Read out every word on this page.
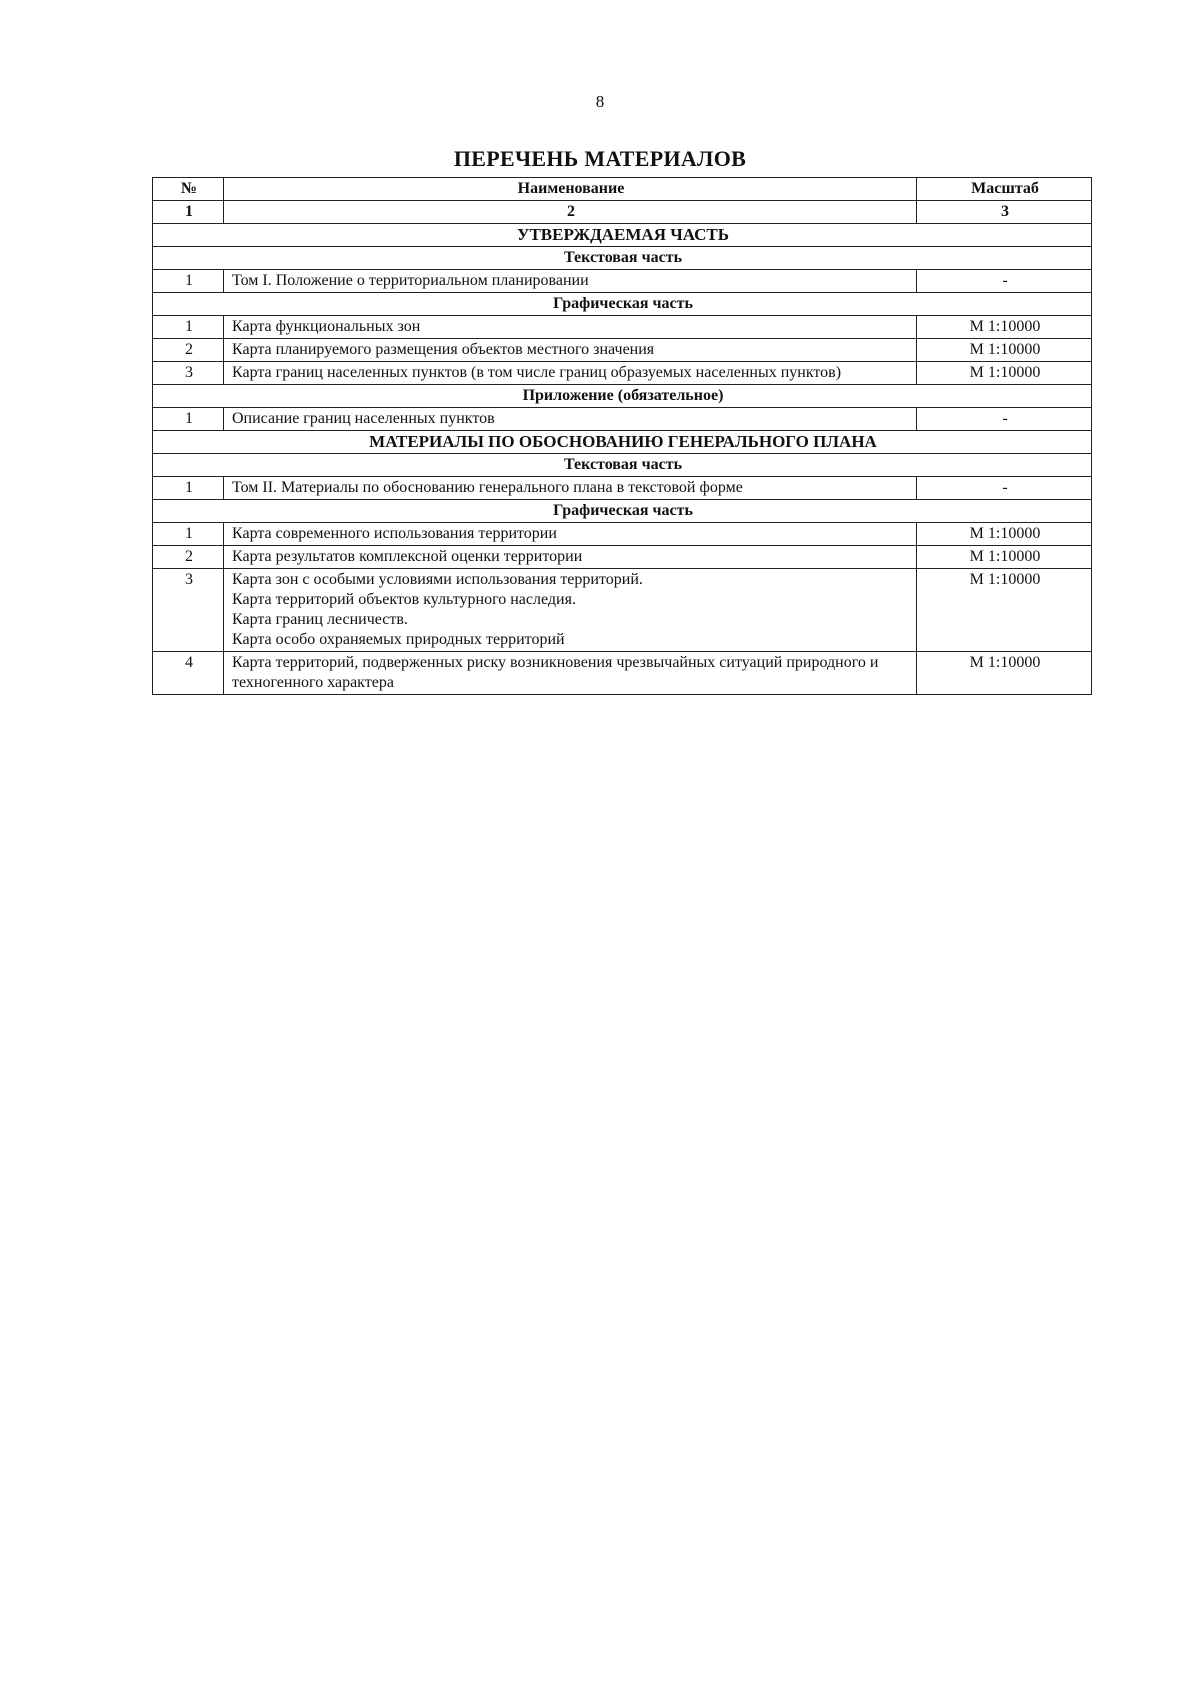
8
ПЕРЕЧЕНЬ МАТЕРИАЛОВ
№	Наименование	Масштаб
1	2	3
УТВЕРЖДАЕМАЯ ЧАСТЬ		
Текстовая часть		
1	Том I. Положение о территориальном планировании	-
Графическая часть		
1	Карта функциональных зон	М 1:10000
2	Карта планируемого размещения объектов местного значения	М 1:10000
3	Карта границ населенных пунктов (в том числе границ образуемых населенных пунктов)	М 1:10000
Приложение (обязательное)		
1	Описание границ населенных пунктов	-
МАТЕРИАЛЫ ПО ОБОСНОВАНИЮ ГЕНЕРАЛЬНОГО ПЛАНА		
Текстовая часть		
1	Том II. Материалы по обоснованию генерального плана в текстовой форме	-
Графическая часть		
1	Карта современного использования территории	М 1:10000
2	Карта результатов комплексной оценки территории	М 1:10000
3	Карта зон с особыми условиями использования территорий.
Карта территорий объектов культурного наследия.
Карта границ лесничеств.
Карта особо охраняемых природных территорий	М 1:10000
4	Карта территорий, подверженных риску возникновения чрезвычайных ситуаций природного и техногенного характера	М 1:10000
